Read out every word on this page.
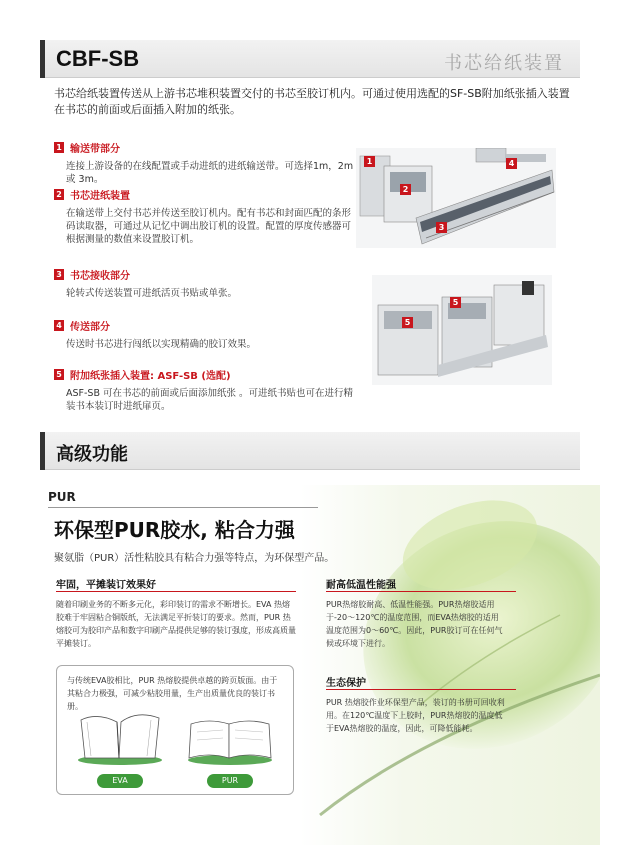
CBF-SB	书芯给纸装置
书芯给纸装置传送从上游书芯堆积装置交付的书芯至胶订机内。可通过使用选配的SF-SB附加纸张插入装置在书芯的前面或后面插入附加的纸张。
1 输送带部分
连接上游设备的在线配置或手动进纸的进纸输送带。可选择1m，2m或 3m。
2 书芯进纸装置
在输送带上交付书芯并传送至胶订机内。配有书芯和封面匹配的条形码读取器，可通过从记忆中调出胶订机的设置。配置的厚度传感器可根据测量的数值来设置胶订机。
3 书芯接收部分
轮转式传送装置可进纸活页书贴或单张。
4 传送部分
传送时书芯进行闯纸以实现精确的胶订效果。
5 附加纸张插入装置: ASF-SB (选配)
ASF-SB 可在书芯的前面或后面添加纸张 。可进纸书贴也可在进行精装书本装订时进纸扉页。
1
2
3
4
5
5
高级功能
PUR
环保型PUR胶水, 粘合力强
聚氨脂（PUR）活性粘胶具有粘合力强等特点，为环保型产品。
牢固，平摊装订效果好
随着印刷业务的不断多元化，彩印装订的需求不断增长。EVA 热熔胶难于牢固粘合铜版纸，无法满足平折装订的要求。然而，PUR 热熔胶可为胶印产品和数字印刷产品提供足够的装订强度，形成高质量平摊装订。
耐高低温性能强
PUR热熔胶耐高、低温性能强。PUR热熔胶适用于-20～120℃的温度范围，而EVA热熔胶的适用温度范围为0～60℃。因此，PUR胶订可在任何气候或环境下进行。
生态保护
PUR 热熔胶作业环保型产品，装订的书册可回收利用。在120℃温度下上胶时，PUR热熔胶的温度低于EVA热熔胶的温度，因此，可降低能耗。
与传统EVA胶相比，PUR 热熔胶提供卓越的跨页版面。由于其粘合力极强，可减少粘胶用量，生产出质量优良的装订书册。
EVA	PUR
